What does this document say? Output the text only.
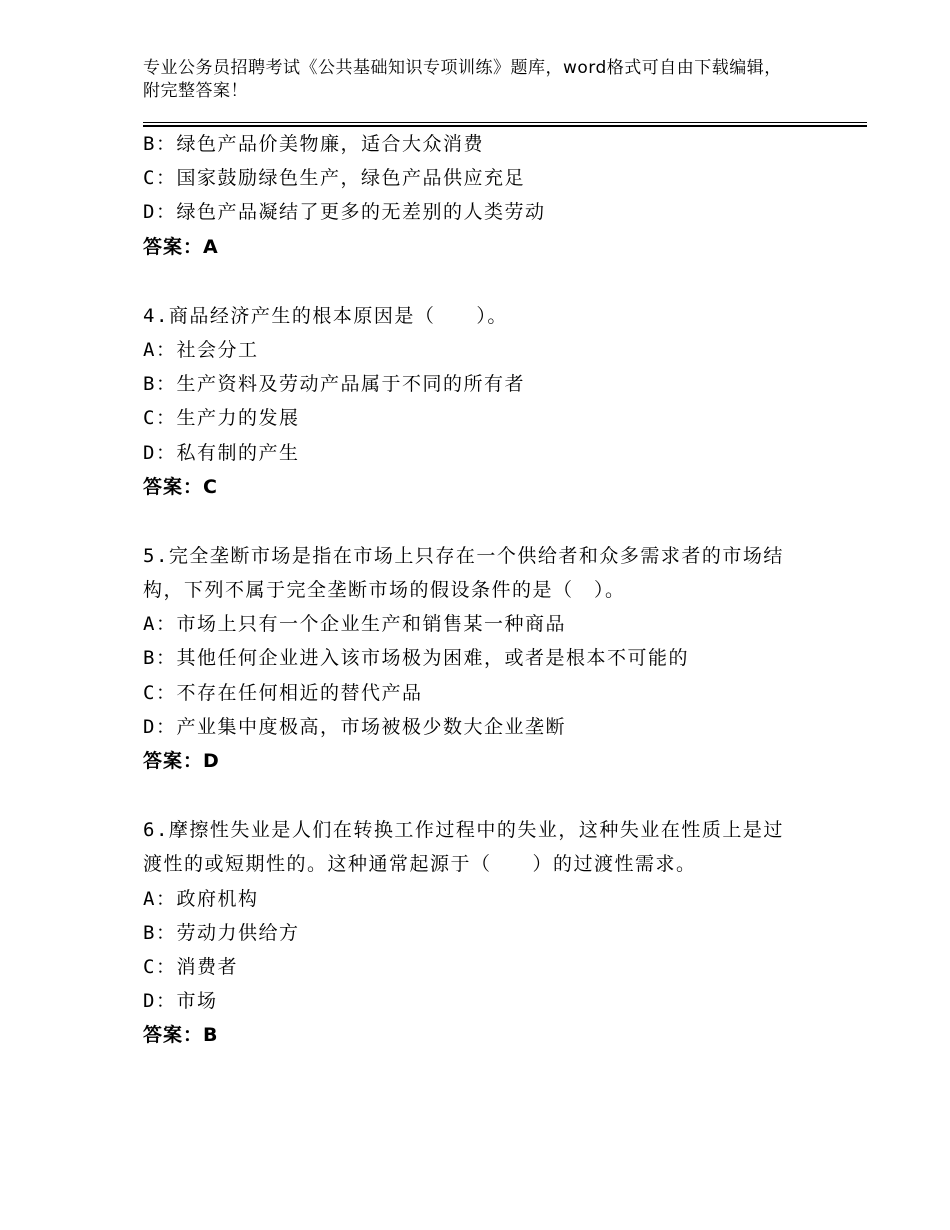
专业公务员招聘考试《公共基础知识专项训练》题库，word格式可自由下载编辑，附完整答案！
B：绿色产品价美物廉，适合大众消费
C：国家鼓励绿色生产，绿色产品供应充足
D：绿色产品凝结了更多的无差别的人类劳动
答案：A
4.商品经济产生的根本原因是（　　）。
A：社会分工
B：生产资料及劳动产品属于不同的所有者
C：生产力的发展
D：私有制的产生
答案：C
5.完全垄断市场是指在市场上只存在一个供给者和众多需求者的市场结构，下列不属于完全垄断市场的假设条件的是（　）。
A：市场上只有一个企业生产和销售某一种商品
B：其他任何企业进入该市场极为困难，或者是根本不可能的
C：不存在任何相近的替代产品
D：产业集中度极高，市场被极少数大企业垄断
答案：D
6.摩擦性失业是人们在转换工作过程中的失业，这种失业在性质上是过渡性的或短期性的。这种通常起源于（　　）的过渡性需求。
A：政府机构
B：劳动力供给方
C：消费者
D：市场
答案：B
